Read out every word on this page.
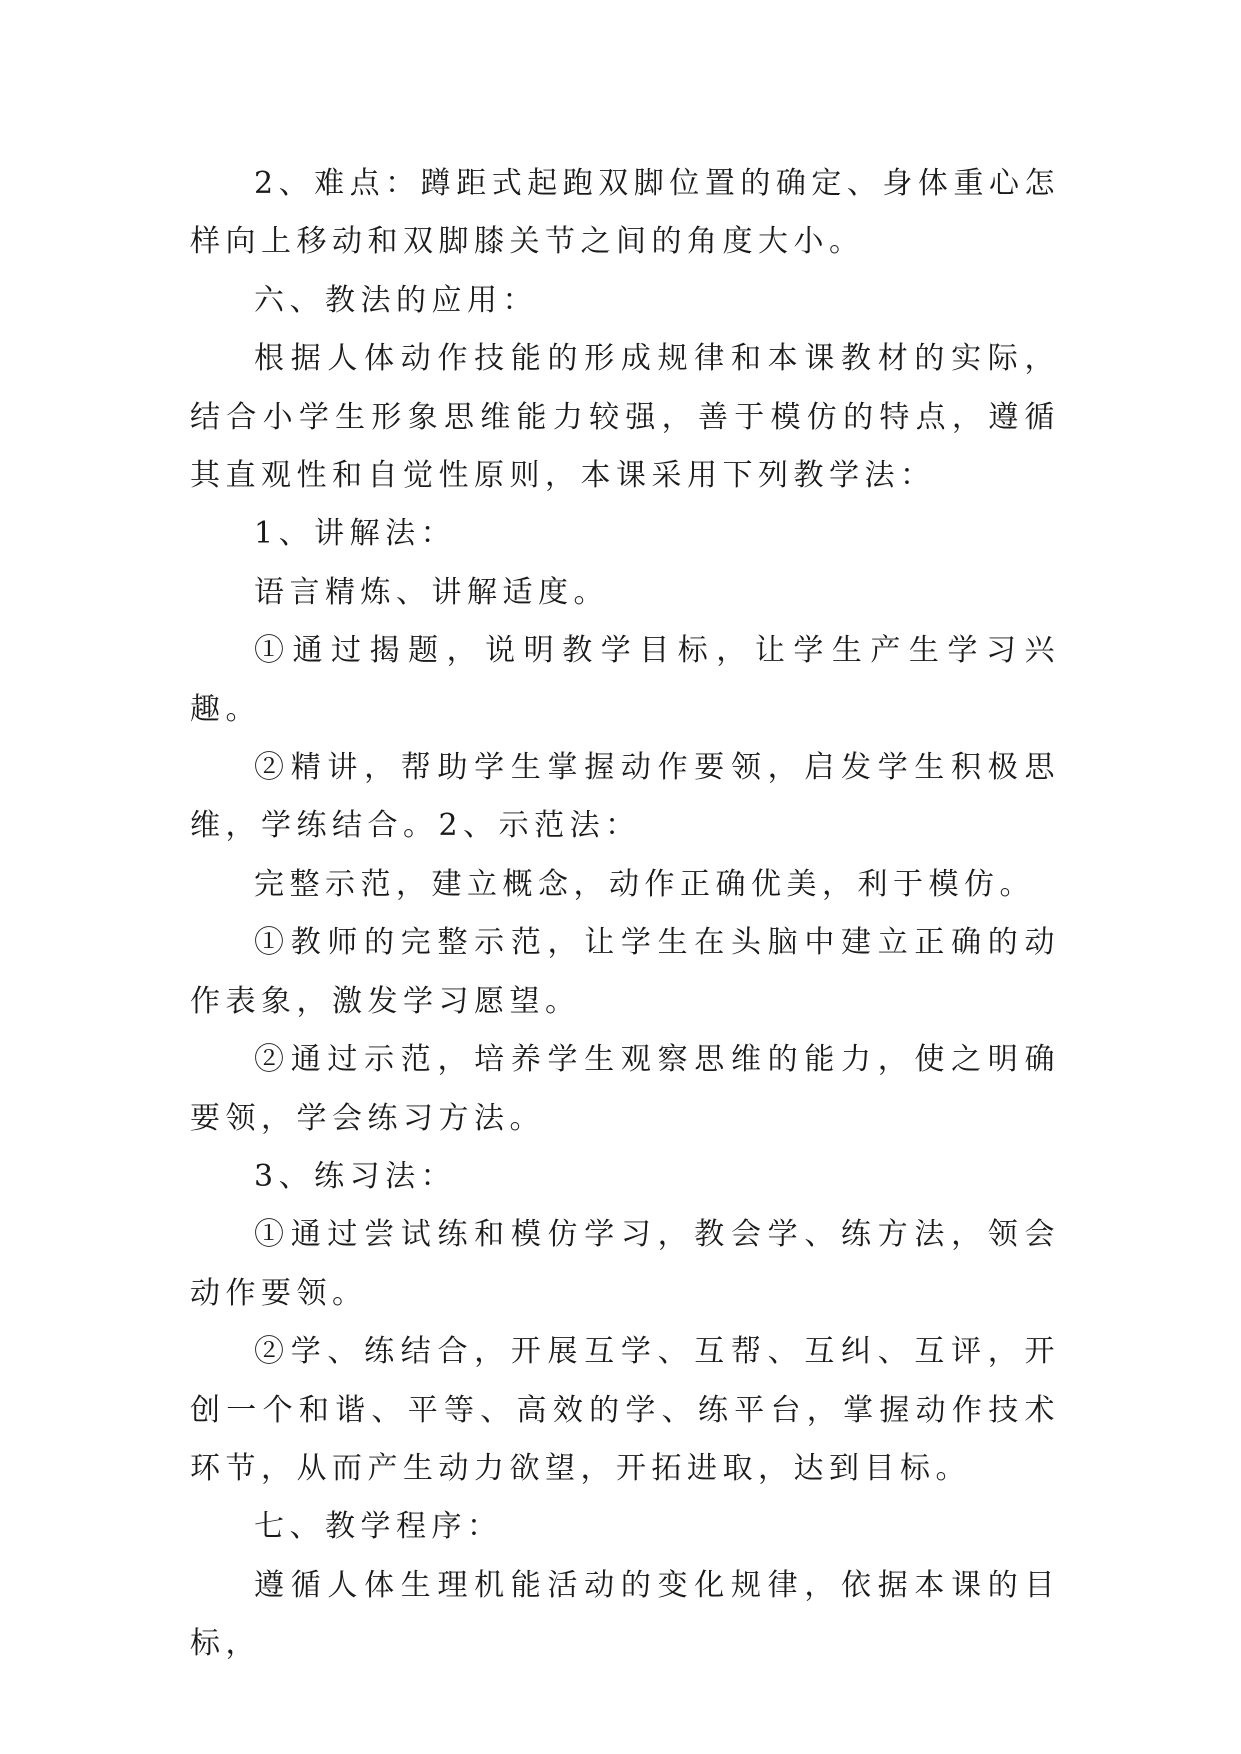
2、难点：蹲距式起跑双脚位置的确定、身体重心怎样向上移动和双脚膝关节之间的角度大小。

六、教法的应用：

根据人体动作技能的形成规律和本课教材的实际，结合小学生形象思维能力较强，善于模仿的特点，遵循其直观性和自觉性原则，本课采用下列教学法：

1、讲解法：

语言精炼、讲解适度。

①通过揭题，说明教学目标，让学生产生学习兴趣。

②精讲，帮助学生掌握动作要领，启发学生积极思维，学练结合。2、示范法：

完整示范，建立概念，动作正确优美，利于模仿。

①教师的完整示范，让学生在头脑中建立正确的动作表象，激发学习愿望。

②通过示范，培养学生观察思维的能力，使之明确要领，学会练习方法。

3、练习法：

①通过尝试练和模仿学习，教会学、练方法，领会动作要领。

②学、练结合，开展互学、互帮、互纠、互评，开创一个和谐、平等、高效的学、练平台，掌握动作技术环节，从而产生动力欲望，开拓进取，达到目标。

七、教学程序：

遵循人体生理机能活动的变化规律，依据本课的目标，
